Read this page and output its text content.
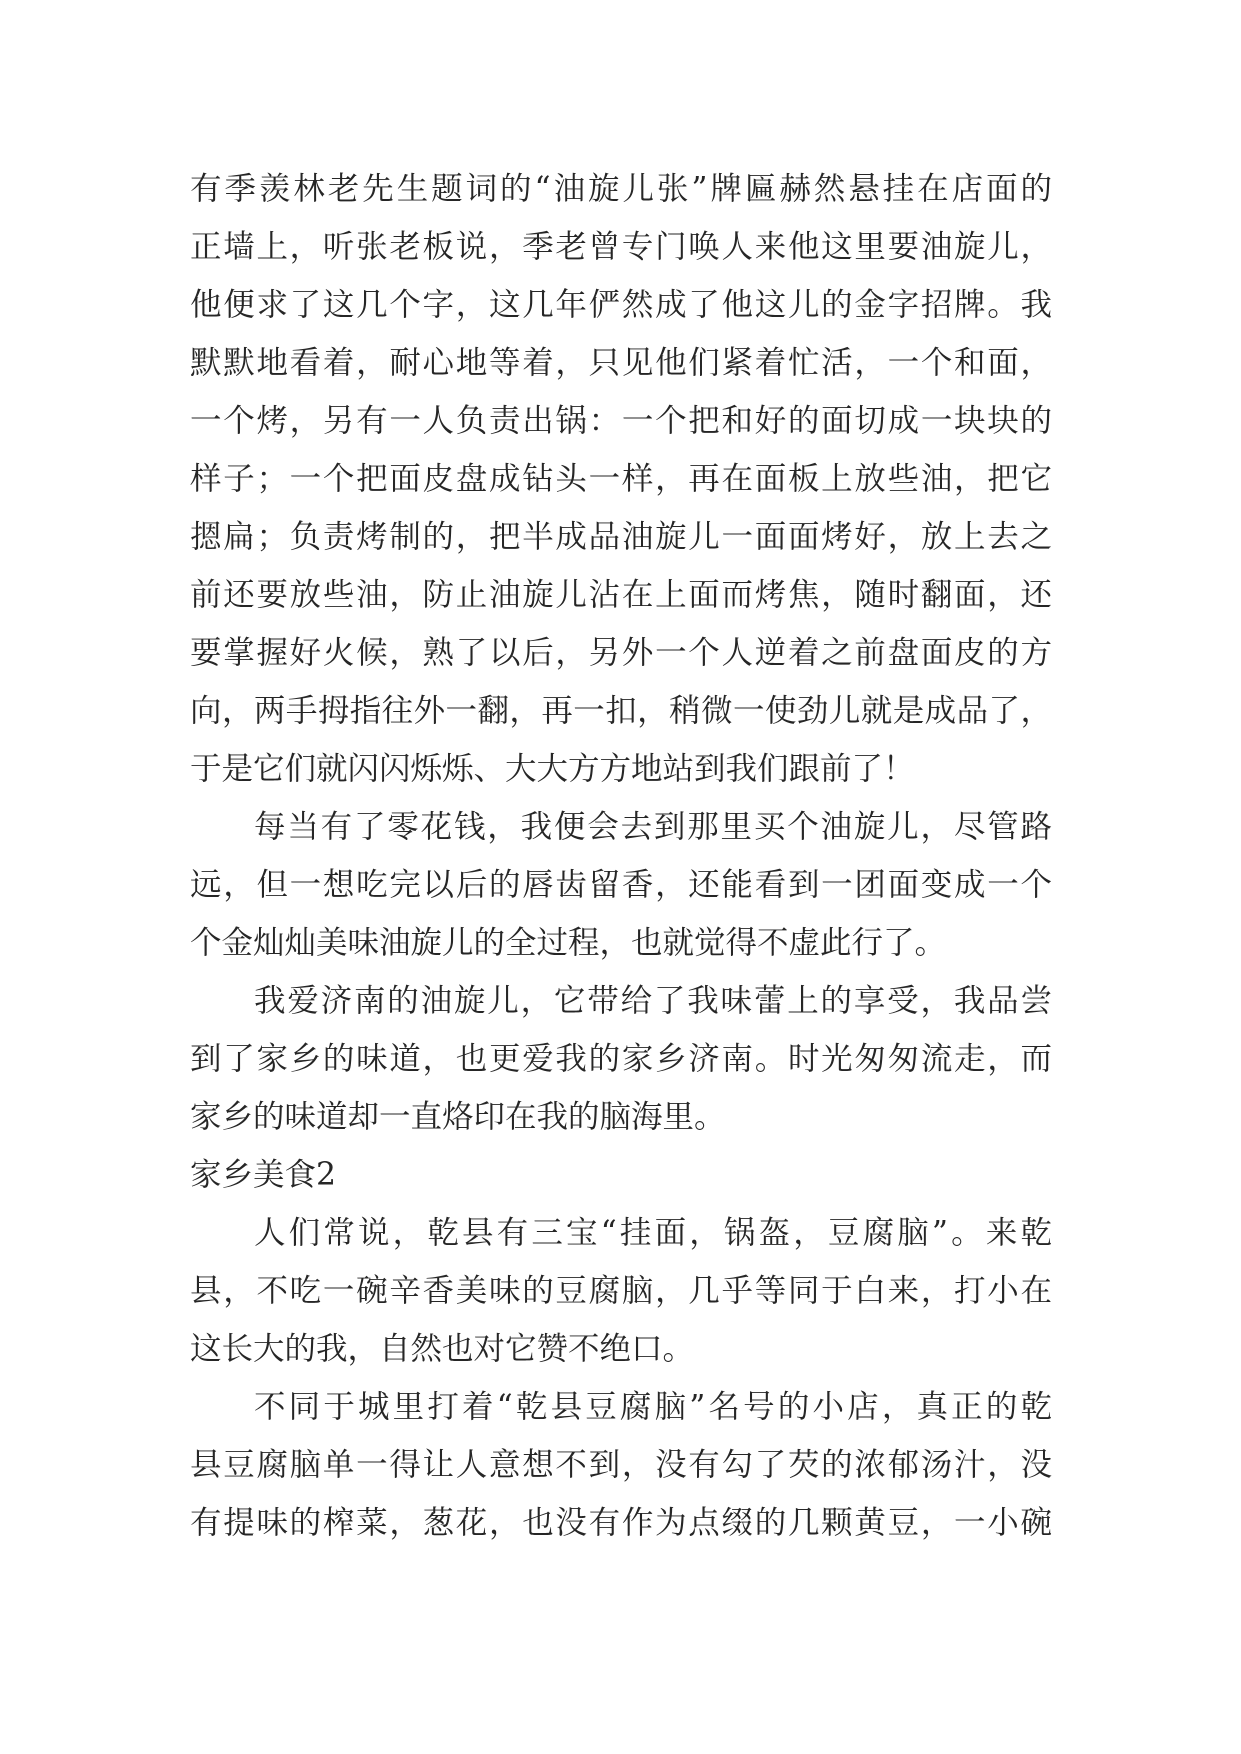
有季羡林老先生题词的“油旋儿张”牌匾赫然悬挂在店面的
正墙上，听张老板说，季老曾专门唤人来他这里要油旋儿，
他便求了这几个字，这几年俨然成了他这儿的金字招牌。我
默默地看着，耐心地等着，只见他们紧着忙活，一个和面，
一个烤，另有一人负责出锅：一个把和好的面切成一块块的
样子；一个把面皮盘成钻头一样，再在面板上放些油，把它
摁扁；负责烤制的，把半成品油旋儿一面面烤好，放上去之
前还要放些油，防止油旋儿沾在上面而烤焦，随时翻面，还
要掌握好火候，熟了以后，另外一个人逆着之前盘面皮的方
向，两手拇指往外一翻，再一扣，稍微一使劲儿就是成品了，
于是它们就闪闪烁烁、大大方方地站到我们跟前了！
每当有了零花钱，我便会去到那里买个油旋儿，尽管路
远，但一想吃完以后的唇齿留香，还能看到一团面变成一个
个金灿灿美味油旋儿的全过程，也就觉得不虚此行了。
我爱济南的油旋儿，它带给了我味蕾上的享受，我品尝
到了家乡的味道，也更爱我的家乡济南。时光匆匆流走，而
家乡的味道却一直烙印在我的脑海里。
家乡美食2
人们常说，乾县有三宝“挂面，锅盔，豆腐脑”。来乾
县，不吃一碗辛香美味的豆腐脑，几乎等同于白来，打小在
这长大的我，自然也对它赞不绝口。
不同于城里打着“乾县豆腐脑”名号的小店，真正的乾
县豆腐脑单一得让人意想不到，没有勾了芡的浓郁汤汁，没
有提味的榨菜，葱花，也没有作为点缀的几颗黄豆，一小碗
